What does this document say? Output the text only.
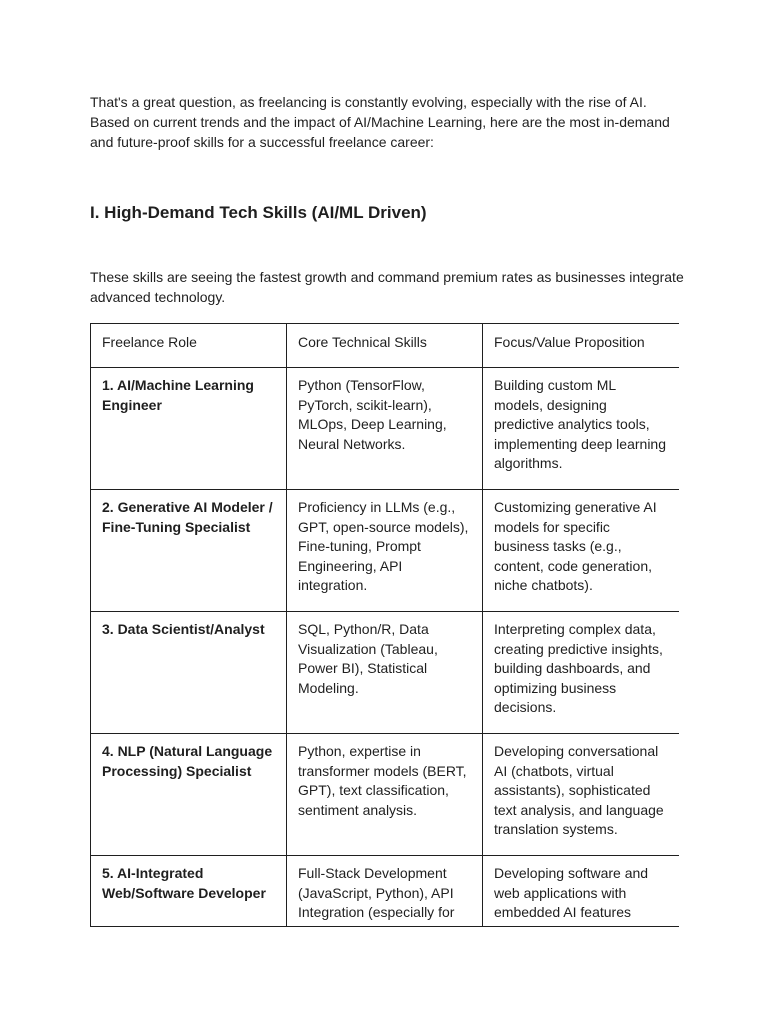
That's a great question, as freelancing is constantly evolving, especially with the rise of AI. Based on current trends and the impact of AI/Machine Learning, here are the most in-demand and future-proof skills for a successful freelance career:

I. High-Demand Tech Skills (AI/ML Driven)

These skills are seeing the fastest growth and command premium rates as businesses integrate advanced technology.

Freelance Role	Core Technical Skills	Focus/Value Proposition
1. AI/Machine Learning Engineer	Python (TensorFlow, PyTorch, scikit-learn), MLOps, Deep Learning, Neural Networks.	Building custom ML models, designing predictive analytics tools, implementing deep learning algorithms.
2. Generative AI Modeler / Fine-Tuning Specialist	Proficiency in LLMs (e.g., GPT, open-source models), Fine-tuning, Prompt Engineering, API integration.	Customizing generative AI models for specific business tasks (e.g., content, code generation, niche chatbots).
3. Data Scientist/Analyst	SQL, Python/R, Data Visualization (Tableau, Power BI), Statistical Modeling.	Interpreting complex data, creating predictive insights, building dashboards, and optimizing business decisions.
4. NLP (Natural Language Processing) Specialist	Python, expertise in transformer models (BERT, GPT), text classification, sentiment analysis.	Developing conversational AI (chatbots, virtual assistants), sophisticated text analysis, and language translation systems.
5. AI-Integrated Web/Software Developer	Full-Stack Development (JavaScript, Python), API Integration (especially for	Developing software and web applications with embedded AI features
